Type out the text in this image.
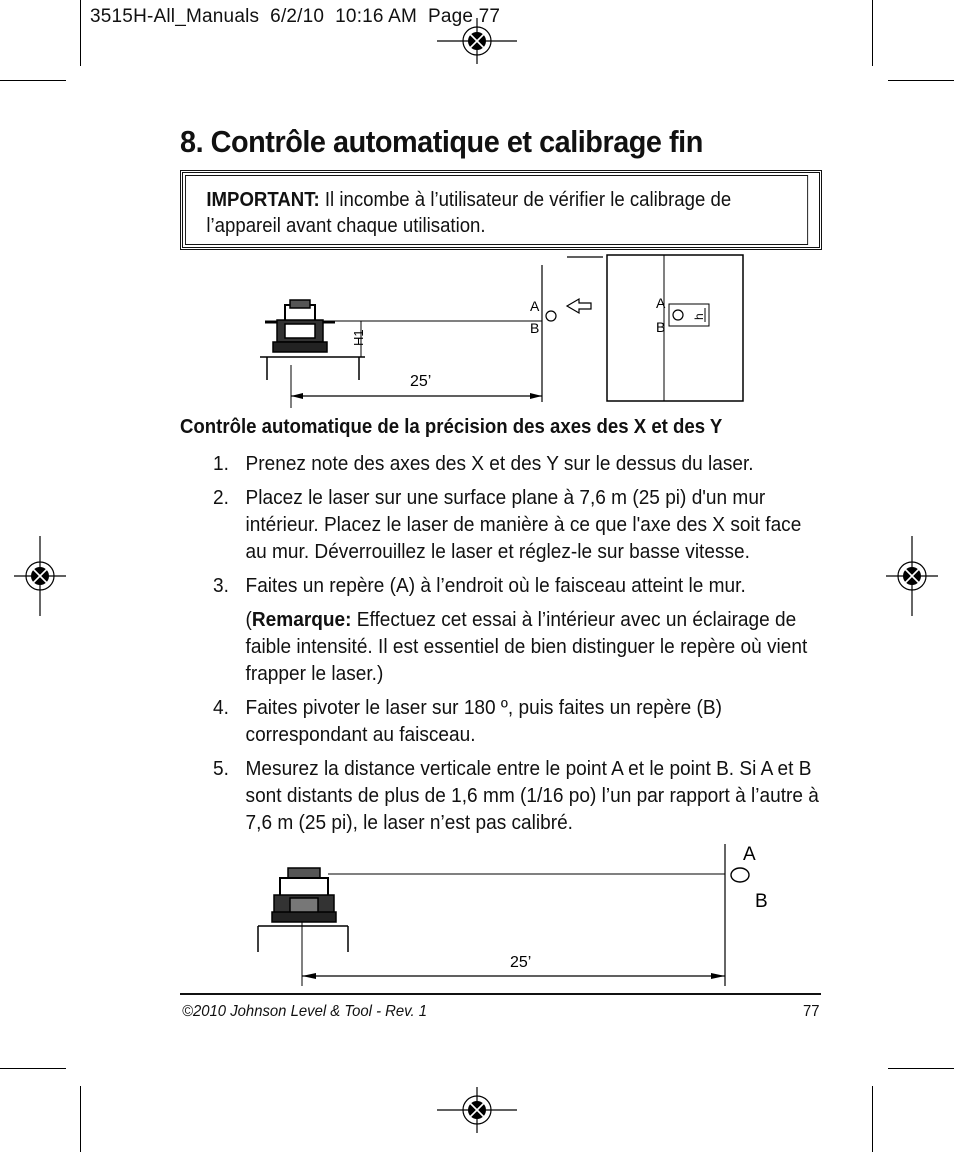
3515H-All_Manuals  6/2/10  10:16 AM  Page 77
8. Contrôle automatique et calibrage fin
IMPORTANT: Il incombe à l’utilisateur de vérifier le calibrage de l’appareil avant chaque utilisation.
H1
A
B
25’
h
A
B
Contrôle automatique de la précision des axes des X et des Y
1. Prenez note des axes des X et des Y sur le dessus du laser.

2. Placez le laser sur une surface plane à 7,6 m (25 pi) d'un mur intérieur. Placez le laser de manière à ce que l'axe des X soit face au mur. Déverrouillez le laser et réglez-le sur basse vitesse.

3. Faites un repère (A) à l’endroit où le faisceau atteint le mur.

(Remarque: Effectuez cet essai à l’intérieur avec un éclairage de faible intensité. Il est essentiel de bien distinguer le repère où vient frapper le laser.)

4. Faites pivoter le laser sur 180 º, puis faites un repère (B) correspondant au faisceau.

5. Mesurez la distance verticale entre le point A et le point B. Si A et B sont distants de plus de 1,6 mm (1/16 po) l’un par rapport à l’autre à 7,6 m (25 pi), le laser n’est pas calibré.

A
B
25’
©2010 Johnson Level & Tool - Rev. 1	77
